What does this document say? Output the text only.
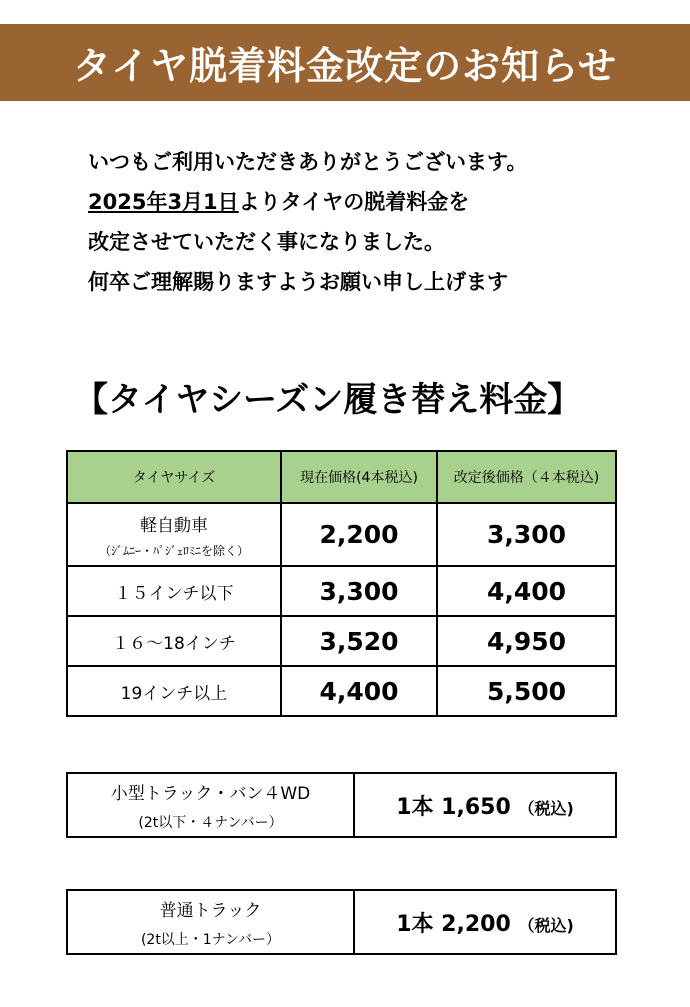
タイヤ脱着料金改定のお知らせ
いつもご利用いただきありがとうございます。
2025年3月1日よりタイヤの脱着料金を
改定させていただく事になりました。
何卒ご理解賜りますようお願い申し上げます
【タイヤシーズン履き替え料金】
タイヤサイズ	現在価格(4本税込)	改定後価格（４本税込)
軽自動車
（ｼﾞﾑﾆｰ・ﾊﾟｼﾞｪﾛﾐﾆを除く）	2,200	3,300
１５インチ以下	3,300	4,400
１６～18インチ	3,520	4,950
19インチ以上	4,400	5,500
小型トラック・バン４WD
(2t以下・４ナンバー）
	1本 1,650 （税込)
普通トラック
(2t以上・1ナンバー）
	1本 2,200 （税込)
